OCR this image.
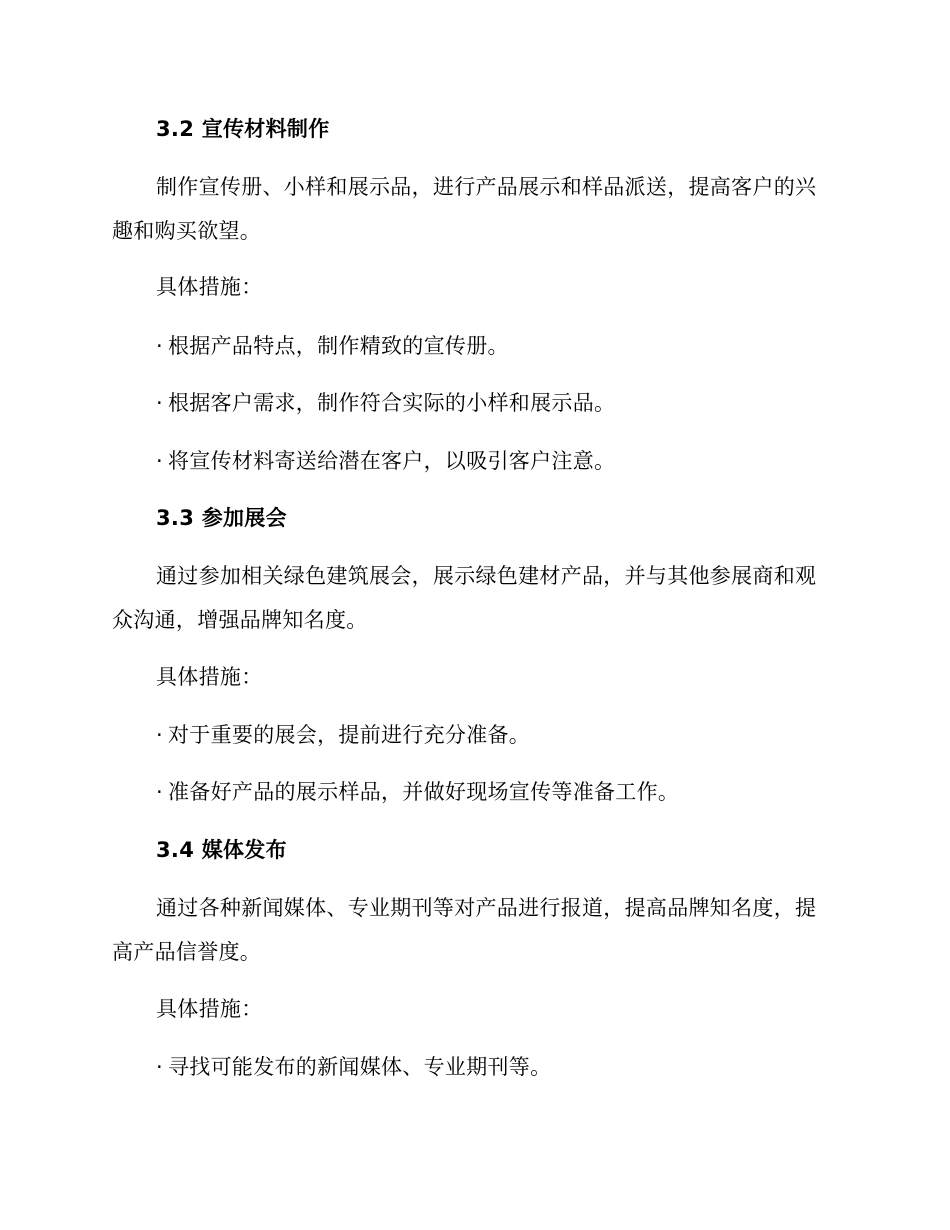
3.2 宣传材料制作
制作宣传册、小样和展示品，进行产品展示和样品派送，提高客户的兴趣和购买欲望。
具体措施：
· 根据产品特点，制作精致的宣传册。
· 根据客户需求，制作符合实际的小样和展示品。
· 将宣传材料寄送给潜在客户，以吸引客户注意。
3.3 参加展会
通过参加相关绿色建筑展会，展示绿色建材产品，并与其他参展商和观众沟通，增强品牌知名度。
具体措施：
· 对于重要的展会，提前进行充分准备。
· 准备好产品的展示样品，并做好现场宣传等准备工作。
3.4 媒体发布
通过各种新闻媒体、专业期刊等对产品进行报道，提高品牌知名度，提高产品信誉度。
具体措施：
· 寻找可能发布的新闻媒体、专业期刊等。
